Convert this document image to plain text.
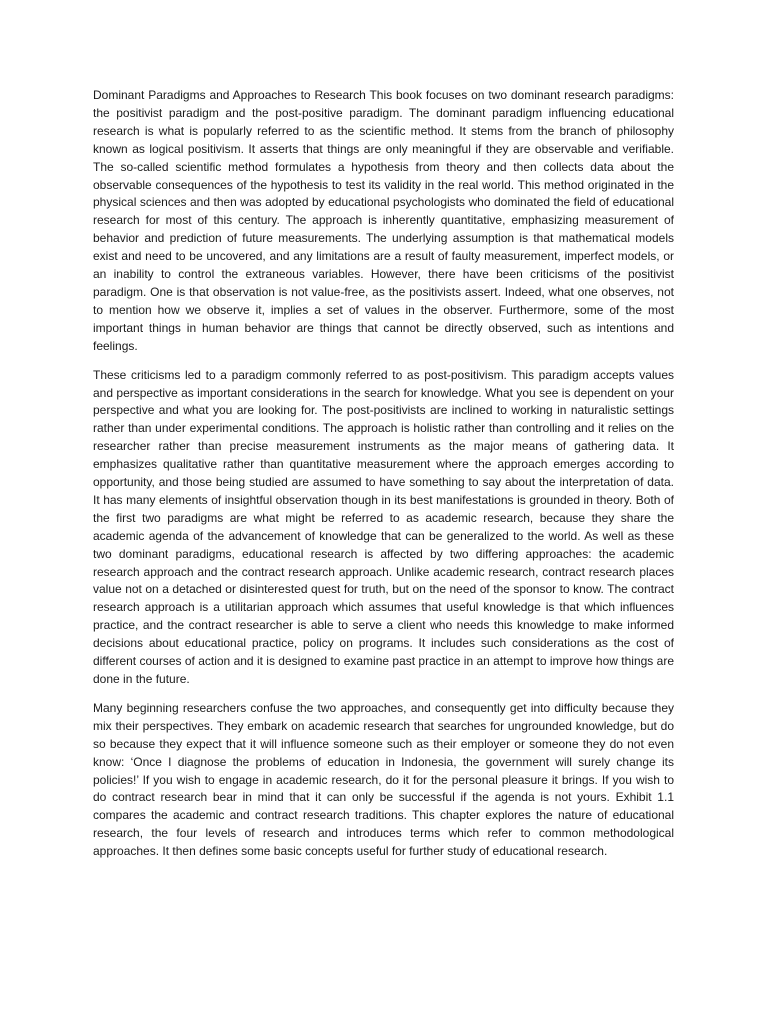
Dominant Paradigms and Approaches to Research This book focuses on two dominant research paradigms: the positivist paradigm and the post-positive paradigm. The dominant paradigm influencing educational research is what is popularly referred to as the scientific method. It stems from the branch of philosophy known as logical positivism. It asserts that things are only meaningful if they are observable and verifiable. The so-called scientific method formulates a hypothesis from theory and then collects data about the observable consequences of the hypothesis to test its validity in the real world. This method originated in the physical sciences and then was adopted by educational psychologists who dominated the field of educational research for most of this century. The approach is inherently quantitative, emphasizing measurement of behavior and prediction of future measurements. The underlying assumption is that mathematical models exist and need to be uncovered, and any limitations are a result of faulty measurement, imperfect models, or an inability to control the extraneous variables. However, there have been criticisms of the positivist paradigm. One is that observation is not value-free, as the positivists assert. Indeed, what one observes, not to mention how we observe it, implies a set of values in the observer. Furthermore, some of the most important things in human behavior are things that cannot be directly observed, such as intentions and feelings.

These criticisms led to a paradigm commonly referred to as post-positivism. This paradigm accepts values and perspective as important considerations in the search for knowledge. What you see is dependent on your perspective and what you are looking for. The post-positivists are inclined to working in naturalistic settings rather than under experimental conditions. The approach is holistic rather than controlling and it relies on the researcher rather than precise measurement instruments as the major means of gathering data. It emphasizes qualitative rather than quantitative measurement where the approach emerges according to opportunity, and those being studied are assumed to have something to say about the interpretation of data. It has many elements of insightful observation though in its best manifestations is grounded in theory. Both of the first two paradigms are what might be referred to as academic research, because they share the academic agenda of the advancement of knowledge that can be generalized to the world. As well as these two dominant paradigms, educational research is affected by two differing approaches: the academic research approach and the contract research approach. Unlike academic research, contract research places value not on a detached or disinterested quest for truth, but on the need of the sponsor to know. The contract research approach is a utilitarian approach which assumes that useful knowledge is that which influences practice, and the contract researcher is able to serve a client who needs this knowledge to make informed decisions about educational practice, policy on programs. It includes such considerations as the cost of different courses of action and it is designed to examine past practice in an attempt to improve how things are done in the future.

Many beginning researchers confuse the two approaches, and consequently get into difficulty because they mix their perspectives. They embark on academic research that searches for ungrounded knowledge, but do so because they expect that it will influence someone such as their employer or someone they do not even know: ‘Once I diagnose the problems of education in Indonesia, the government will surely change its policies!’ If you wish to engage in academic research, do it for the personal pleasure it brings. If you wish to do contract research bear in mind that it can only be successful if the agenda is not yours. Exhibit 1.1 compares the academic and contract research traditions. This chapter explores the nature of educational research, the four levels of research and introduces terms which refer to common methodological approaches. It then defines some basic concepts useful for further study of educational research.
